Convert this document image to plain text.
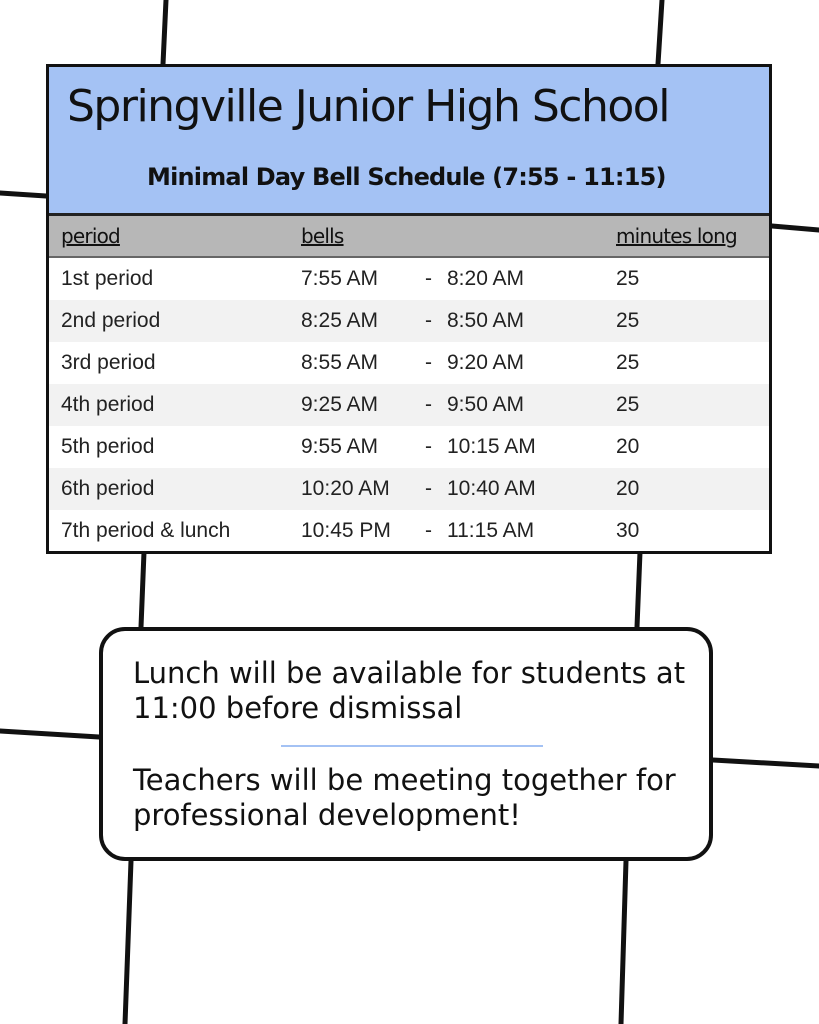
Springville Junior High School
Minimal Day Bell Schedule (7:55 - 11:15)
period	bells	minutes long
1st period	7:55 AM - 8:20 AM	25
2nd period	8:25 AM - 8:50 AM	25
3rd period	8:55 AM - 9:20 AM	25
4th period	9:25 AM - 9:50 AM	25
5th period	9:55 AM - 10:15 AM	20
6th period	10:20 AM - 10:40 AM	20
7th period & lunch	10:45 PM - 11:15 AM	30

Lunch will be available for students at 11:00 before dismissal

Teachers will be meeting together for professional development!
